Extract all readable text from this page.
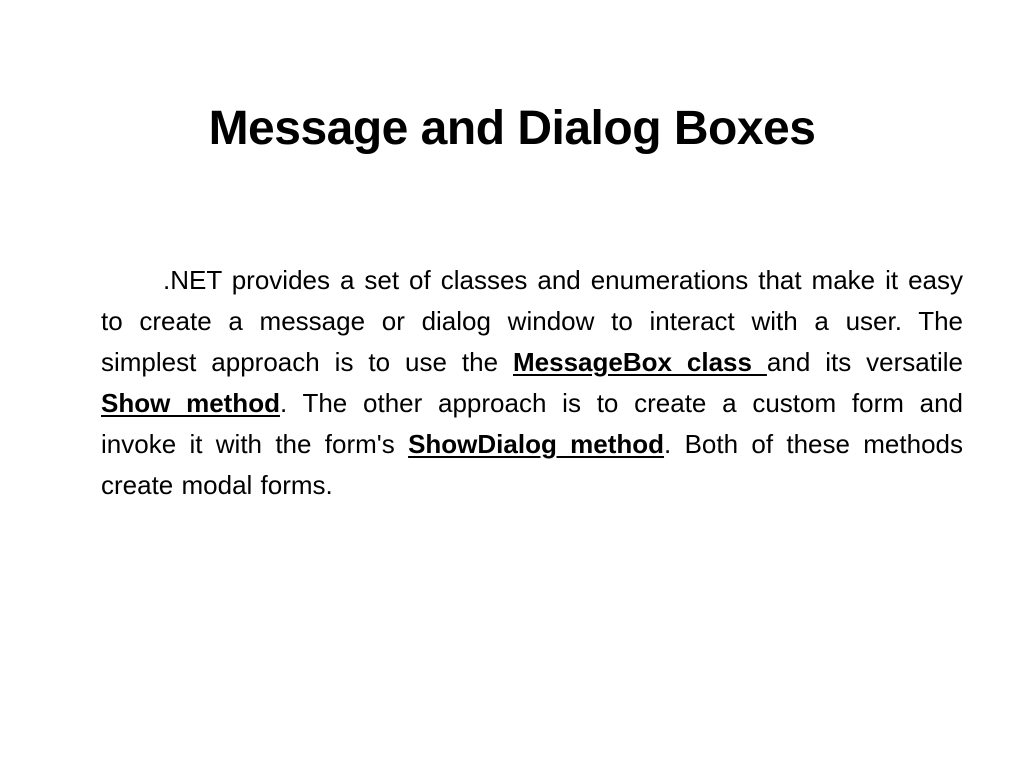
Message and Dialog Boxes

.NET provides a set of classes and enumerations that make it easy to create a message or dialog window to interact with a user. The simplest approach is to use the MessageBox class and its versatile Show method. The other approach is to create a custom form and invoke it with the form's ShowDialog method. Both of these methods create modal forms.
